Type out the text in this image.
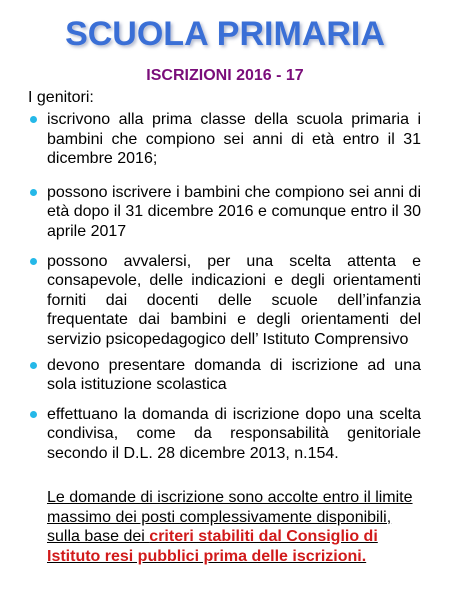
SCUOLA PRIMARIA
ISCRIZIONI 2016 - 17
I genitori:
iscrivono alla prima classe della scuola primaria i bambini che compiono sei anni di età entro il 31 dicembre 2016;
possono iscrivere i bambini che compiono sei anni di età dopo il 31 dicembre 2016 e comunque entro il 30 aprile 2017
possono avvalersi, per una scelta attenta e consapevole, delle indicazioni e degli orientamenti forniti dai docenti delle scuole dell’infanzia frequentate dai bambini e degli orientamenti del servizio psicopedagogico dell’ Istituto Comprensivo
devono presentare domanda di iscrizione ad una sola istituzione scolastica
effettuano la domanda di iscrizione dopo una scelta condivisa, come da responsabilità genitoriale secondo il D.L. 28 dicembre 2013, n.154.
Le domande di iscrizione sono accolte entro il limite massimo dei posti complessivamente disponibili, sulla base dei criteri stabiliti dal Consiglio di Istituto resi pubblici prima delle iscrizioni.
